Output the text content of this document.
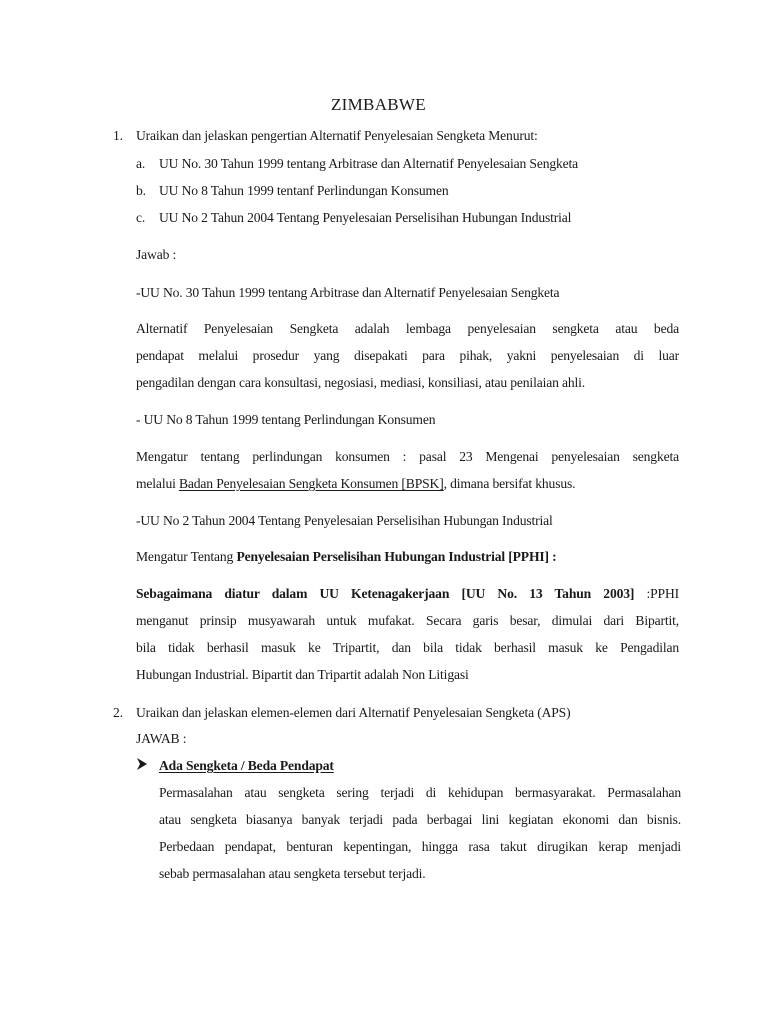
ZIMBABWE
1. Uraikan dan jelaskan pengertian Alternatif Penyelesaian Sengketa Menurut:
a. UU No. 30 Tahun 1999 tentang Arbitrase dan Alternatif Penyelesaian Sengketa
b. UU No 8 Tahun 1999 tentanf Perlindungan Konsumen
c. UU No 2 Tahun 2004 Tentang Penyelesaian Perselisihan Hubungan Industrial
Jawab :
-UU No. 30 Tahun 1999 tentang Arbitrase dan Alternatif Penyelesaian Sengketa
Alternatif Penyelesaian Sengketa adalah lembaga penyelesaian sengketa atau beda
pendapat melalui prosedur yang disepakati para pihak, yakni penyelesaian di luar
pengadilan dengan cara konsultasi, negosiasi, mediasi, konsiliasi, atau penilaian ahli.
- UU No 8 Tahun 1999 tentang Perlindungan Konsumen
Mengatur tentang perlindungan konsumen : pasal 23 Mengenai penyelesaian sengketa
melalui Badan Penyelesaian Sengketa Konsumen [BPSK], dimana bersifat khusus.
-UU No 2 Tahun 2004 Tentang Penyelesaian Perselisihan Hubungan Industrial
Mengatur Tentang Penyelesaian Perselisihan Hubungan Industrial [PPHI] :
Sebagaimana diatur dalam UU Ketenagakerjaan [UU No. 13 Tahun 2003] :PPHI
menganut prinsip musyawarah untuk mufakat. Secara garis besar, dimulai dari Bipartit,
bila tidak berhasil masuk ke Tripartit, dan bila tidak berhasil masuk ke Pengadilan
Hubungan Industrial. Bipartit dan Tripartit adalah Non Litigasi
2. Uraikan dan jelaskan elemen-elemen dari Alternatif Penyelesaian Sengketa (APS)
JAWAB :
Ada Sengketa / Beda Pendapat
Permasalahan atau sengketa sering terjadi di kehidupan bermasyarakat. Permasalahan
atau sengketa biasanya banyak terjadi pada berbagai lini kegiatan ekonomi dan bisnis.
Perbedaan pendapat, benturan kepentingan, hingga rasa takut dirugikan kerap menjadi
sebab permasalahan atau sengketa tersebut terjadi.
